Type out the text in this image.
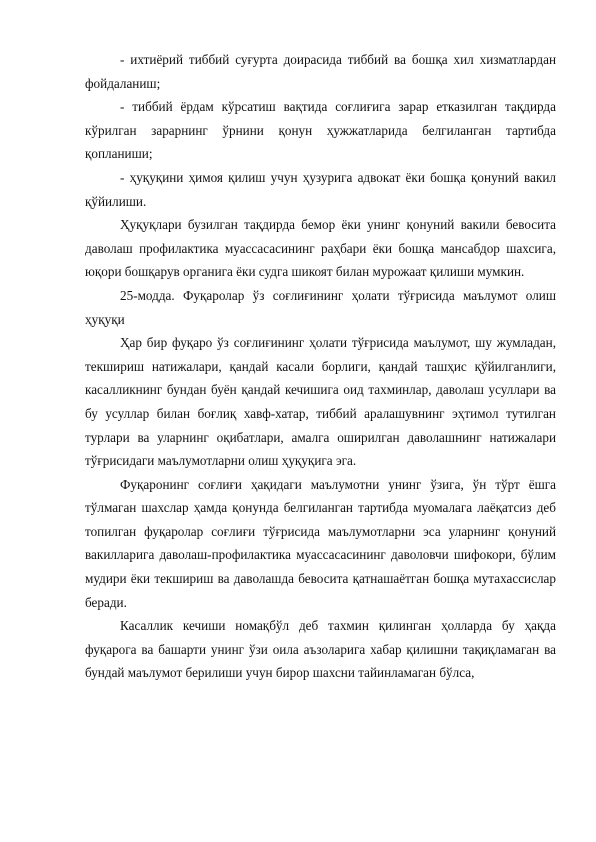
- ихтиёрий тиббий суғурта доирасида тиббий ва бошқа хил хизматлардан фойдаланиш;

- тиббий ёрдам кўрсатиш вақтида соғлиғига зарар етказилган тақдирда кўрилган зарарнинг ўрнини қонун ҳужжатларида белгиланган тартибда қопланиши;

- ҳуқуқини ҳимоя қилиш учун ҳузурига адвокат ёки бошқа қонуний вакил қўйилиши.

Ҳуқуқлари бузилган тақдирда бемор ёки унинг қонуний вакили бевосита даволаш профилактика муассасасининг раҳбари ёки бошқа мансабдор шахсига, юқори бошқарув органига ёки судга шикоят билан мурожаат қилиши мумкин.

25-модда. Фуқаролар ўз соғлиғининг ҳолати тўғрисида маълумот олиш ҳуқуқи

Ҳар бир фуқаро ўз соғлиғининг ҳолати тўғрисида маълумот, шу жумладан, текшириш натижалари, қандай касали борлиги, қандай ташҳис қўйилганлиги, касалликнинг бундан буён қандай кечишига оид тахминлар, даволаш усуллари ва бу усуллар билан боғлиқ хавф-хатар, тиббий аралашувнинг эҳтимол тутилган турлари ва уларнинг оқибатлари, амалга оширилган даволашнинг натижалари тўғрисидаги маълумотларни олиш ҳуқуқига эга.

Фуқаронинг соғлиғи ҳақидаги маълумотни унинг ўзига, ўн тўрт ёшга тўлмаган шахслар ҳамда қонунда белгиланган тартибда муомалага лаёқатсиз деб топилган фуқаролар соғлиғи тўғрисида маълумотларни эса уларнинг қонуний вакилларига даволаш-профилактика муассасасининг даволовчи шифокори, бўлим мудири ёки текшириш ва даволашда бевосита қатнашаётган бошқа мутахассислар беради.

Касаллик кечиши номақбўл деб тахмин қилинган ҳолларда бу ҳақда фуқарога ва башарти унинг ўзи оила аъзоларига хабар қилишни тақиқламаган ва бундай маълумот берилиши учун бирор шахсни тайинламаган бўлса,
